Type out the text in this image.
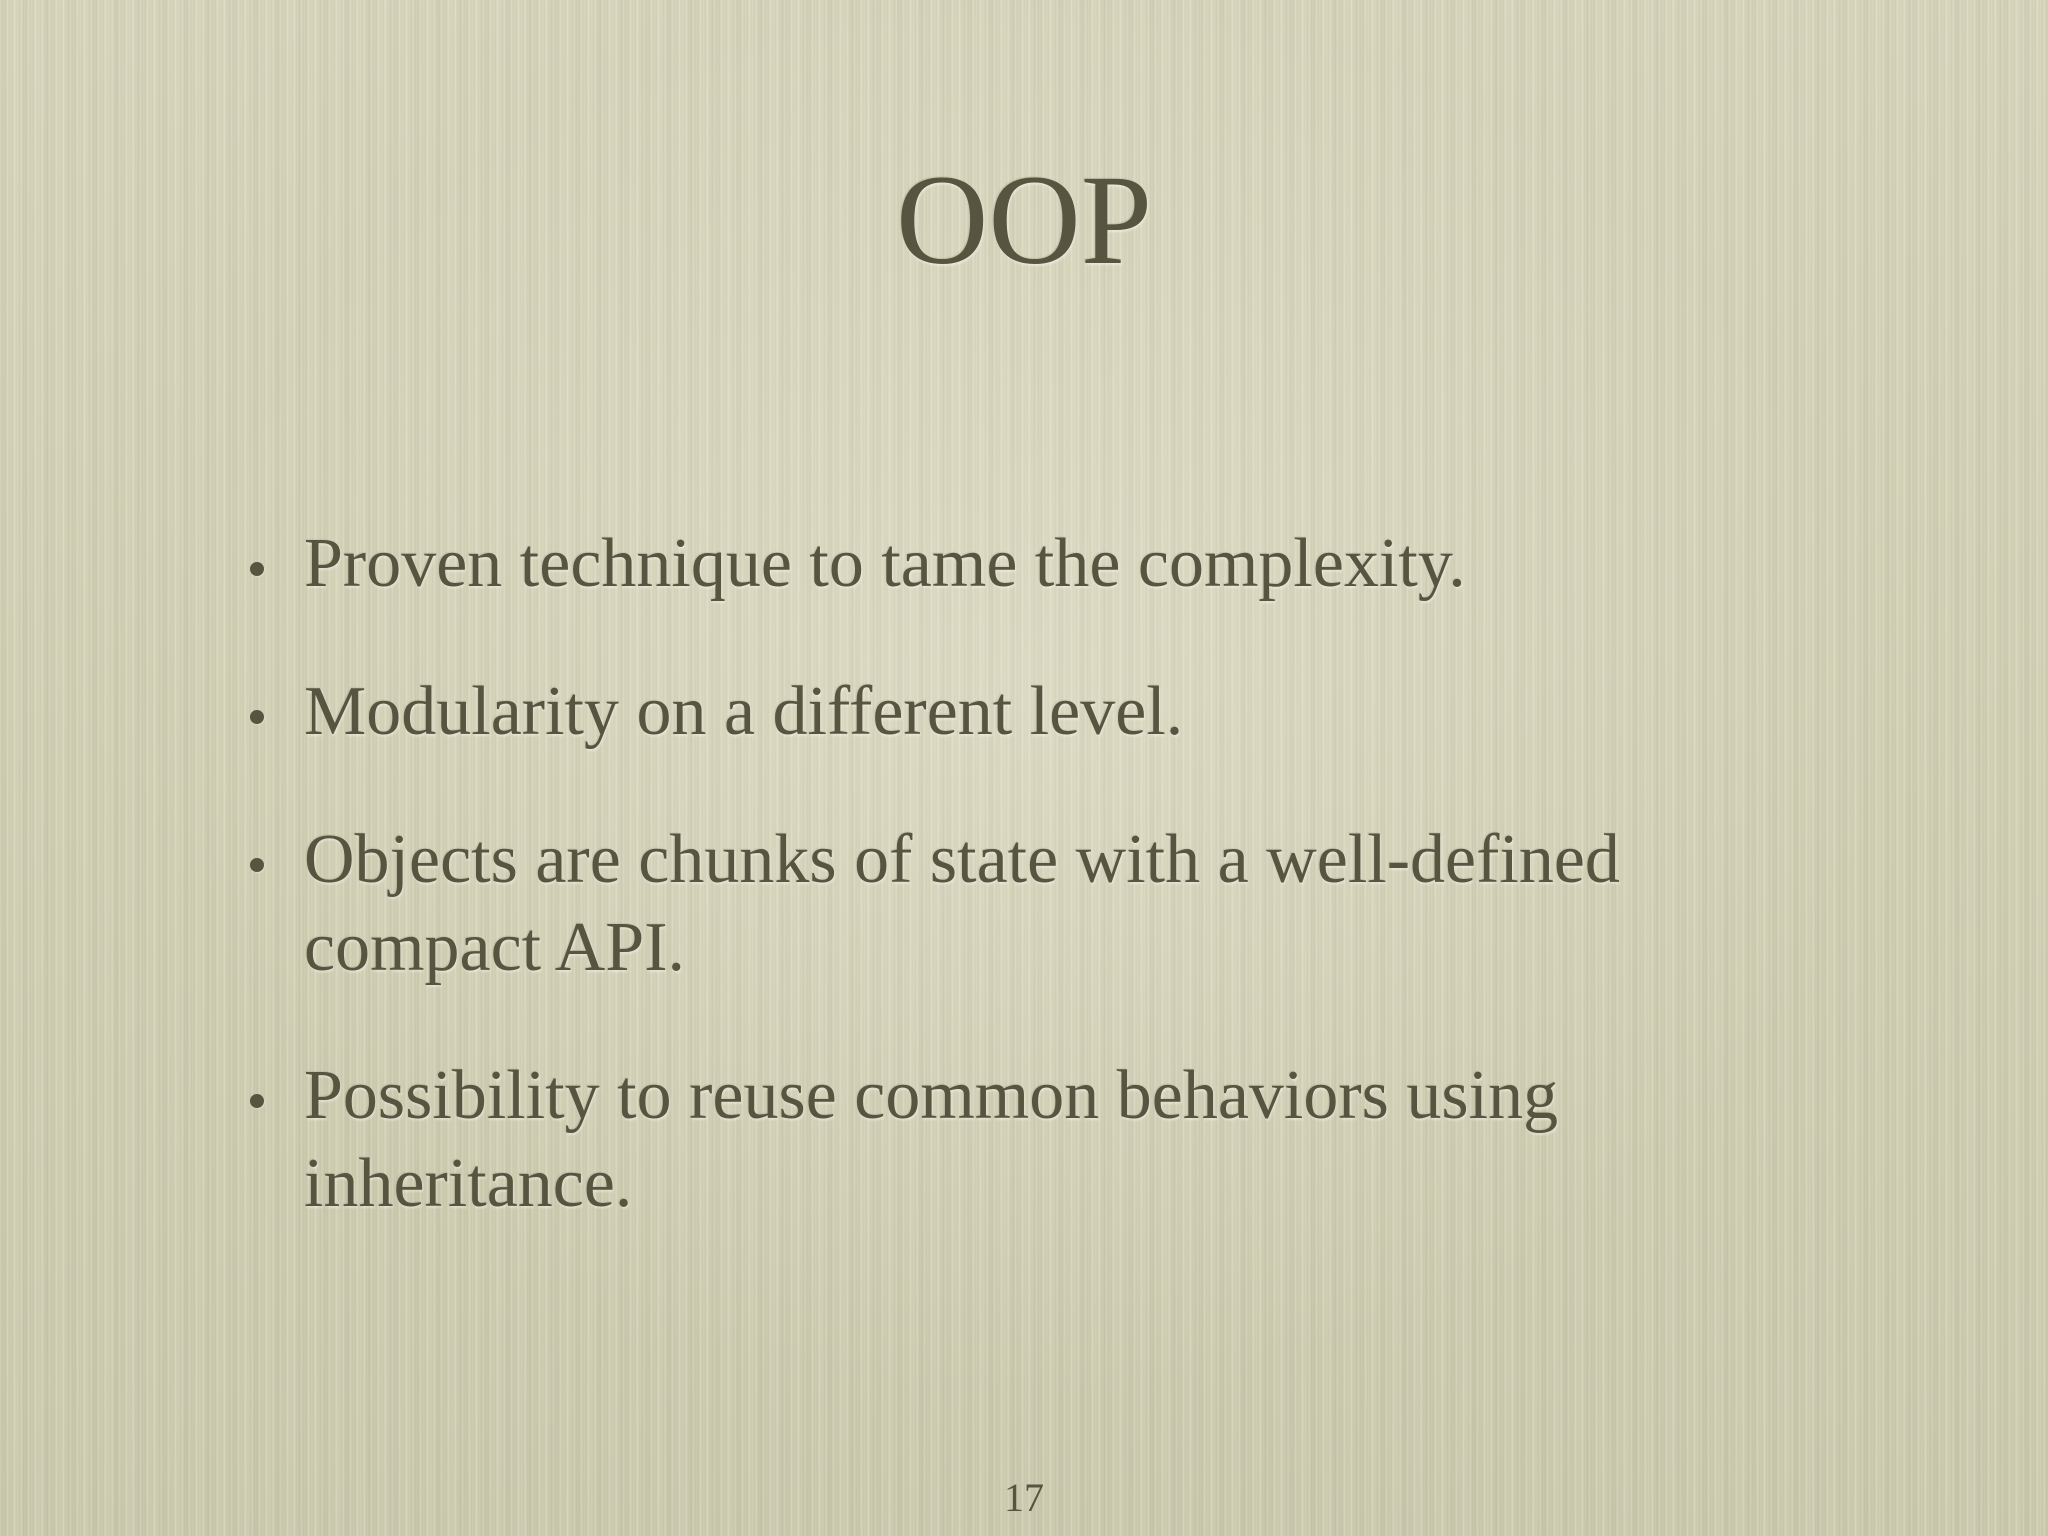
OOP
Proven technique to tame the complexity.
Modularity on a different level.
Objects are chunks of state with a well-defined compact API.
Possibility to reuse common behaviors using inheritance.
17
